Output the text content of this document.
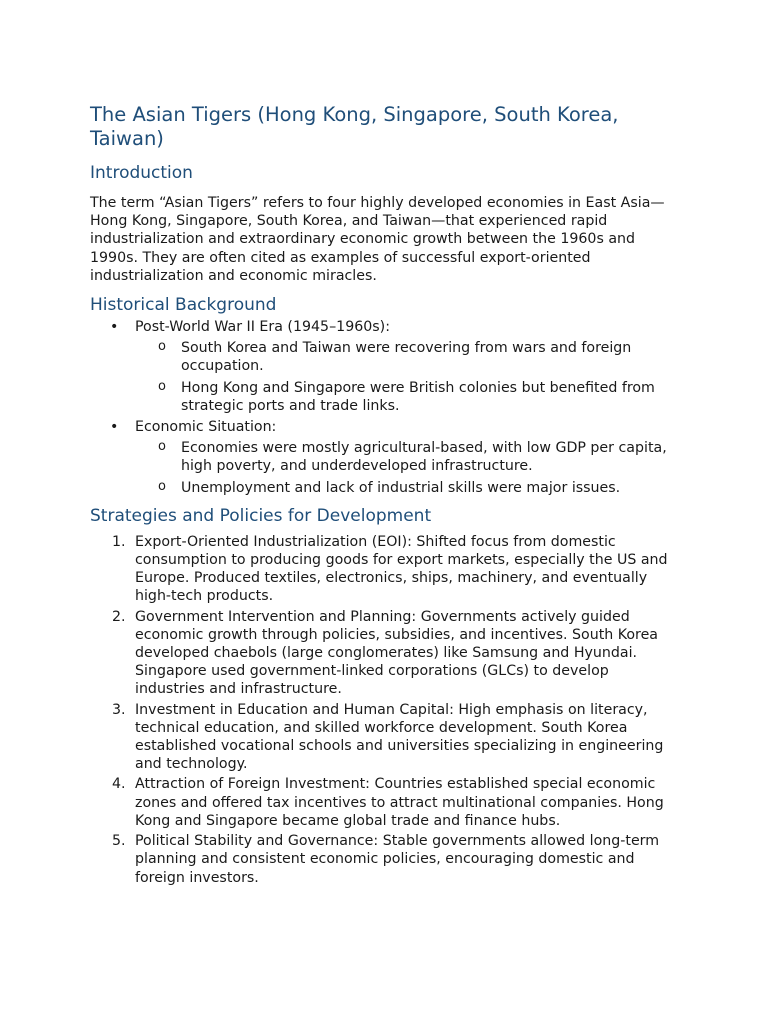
The Asian Tigers (Hong Kong, Singapore, South Korea, Taiwan)
Introduction

The term “Asian Tigers” refers to four highly developed economies in East Asia—Hong Kong, Singapore, South Korea, and Taiwan—that experienced rapid industrialization and extraordinary economic growth between the 1960s and 1990s. They are often cited as examples of successful export-oriented industrialization and economic miracles.

Historical Background
• Post-World War II Era (1945–1960s):
o South Korea and Taiwan were recovering from wars and foreign occupation.
o Hong Kong and Singapore were British colonies but benefited from strategic ports and trade links.
• Economic Situation:
o Economies were mostly agricultural-based, with low GDP per capita, high poverty, and underdeveloped infrastructure.
o Unemployment and lack of industrial skills were major issues.
Strategies and Policies for Development
1. Export-Oriented Industrialization (EOI): Shifted focus from domestic consumption to producing goods for export markets, especially the US and Europe. Produced textiles, electronics, ships, machinery, and eventually high-tech products.
2. Government Intervention and Planning: Governments actively guided economic growth through policies, subsidies, and incentives. South Korea developed chaebols (large conglomerates) like Samsung and Hyundai. Singapore used government-linked corporations (GLCs) to develop industries and infrastructure.
3. Investment in Education and Human Capital: High emphasis on literacy, technical education, and skilled workforce development. South Korea established vocational schools and universities specializing in engineering and technology.
4. Attraction of Foreign Investment: Countries established special economic zones and offered tax incentives to attract multinational companies. Hong Kong and Singapore became global trade and finance hubs.
5. Political Stability and Governance: Stable governments allowed long-term planning and consistent economic policies, encouraging domestic and foreign investors.
